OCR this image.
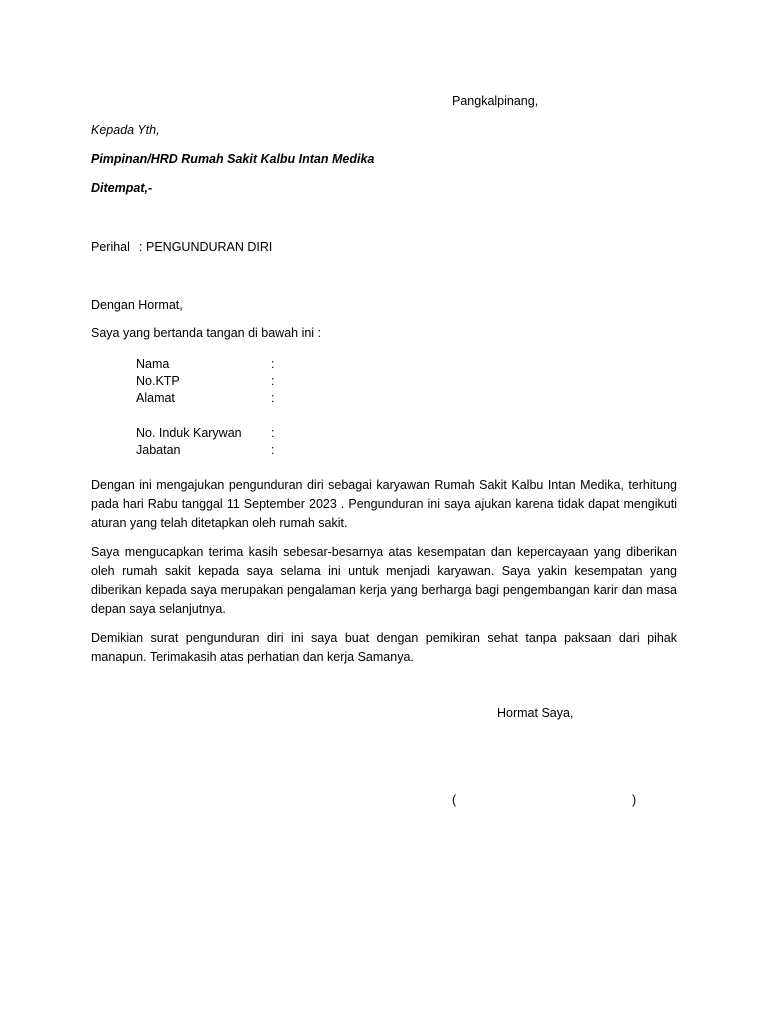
Pangkalpinang,
Kepada Yth,
Pimpinan/HRD Rumah Sakit Kalbu Intan Medika
Ditempat,-
Perihal : PENGUNDURAN DIRI
Dengan Hormat,
Saya yang bertanda tangan di bawah ini :
Nama	:
No.KTP	:
Alamat	:
No. Induk Karywan :
Jabatan	:
Dengan ini mengajukan pengunduran diri sebagai karyawan Rumah Sakit Kalbu Intan Medika, terhitung pada hari Rabu tanggal 11 September 2023 . Pengunduran ini saya ajukan karena tidak dapat mengikuti aturan yang telah ditetapkan oleh rumah sakit.
Saya mengucapkan terima kasih sebesar-besarnya atas kesempatan dan kepercayaan yang diberikan oleh rumah sakit kepada saya selama ini untuk menjadi karyawan. Saya yakin kesempatan yang diberikan kepada saya merupakan pengalaman kerja yang berharga bagi pengembangan karir dan masa depan saya selanjutnya.
Demikian surat pengunduran diri ini saya buat dengan pemikiran sehat tanpa paksaan dari pihak manapun. Terimakasih atas perhatian dan kerja Samanya.
Hormat Saya,
(	)
